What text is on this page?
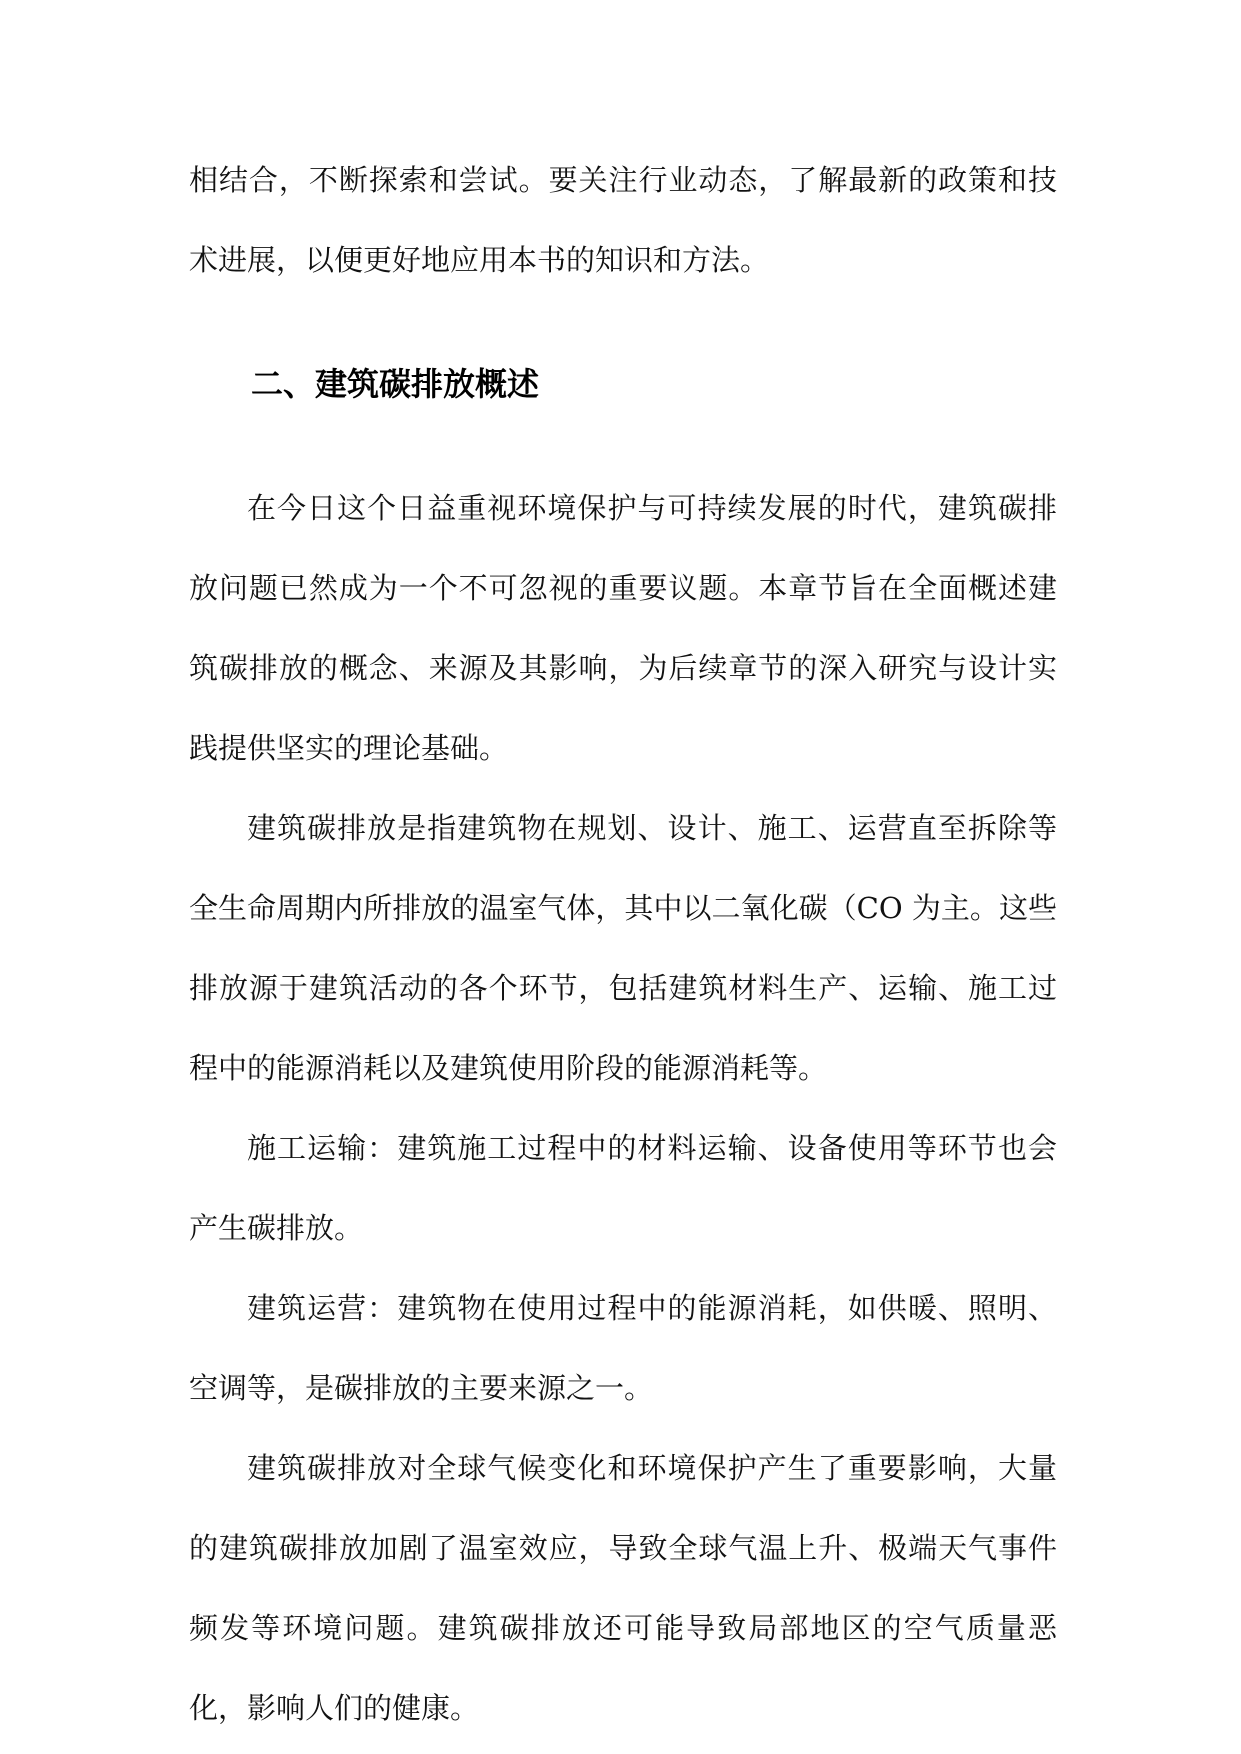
相结合，不断探索和尝试。要关注行业动态，了解最新的政策和技术进展，以便更好地应用本书的知识和方法。

二、建筑碳排放概述

在今日这个日益重视环境保护与可持续发展的时代，建筑碳排放问题已然成为一个不可忽视的重要议题。本章节旨在全面概述建筑碳排放的概念、来源及其影响，为后续章节的深入研究与设计实践提供坚实的理论基础。

建筑碳排放是指建筑物在规划、设计、施工、运营直至拆除等全生命周期内所排放的温室气体，其中以二氧化碳（CO 为主。这些排放源于建筑活动的各个环节，包括建筑材料生产、运输、施工过程中的能源消耗以及建筑使用阶段的能源消耗等。

施工运输：建筑施工过程中的材料运输、设备使用等环节也会产生碳排放。

建筑运营：建筑物在使用过程中的能源消耗，如供暖、照明、空调等，是碳排放的主要来源之一。

建筑碳排放对全球气候变化和环境保护产生了重要影响，大量的建筑碳排放加剧了温室效应，导致全球气温上升、极端天气事件频发等环境问题。建筑碳排放还可能导致局部地区的空气质量恶化，影响人们的健康。
